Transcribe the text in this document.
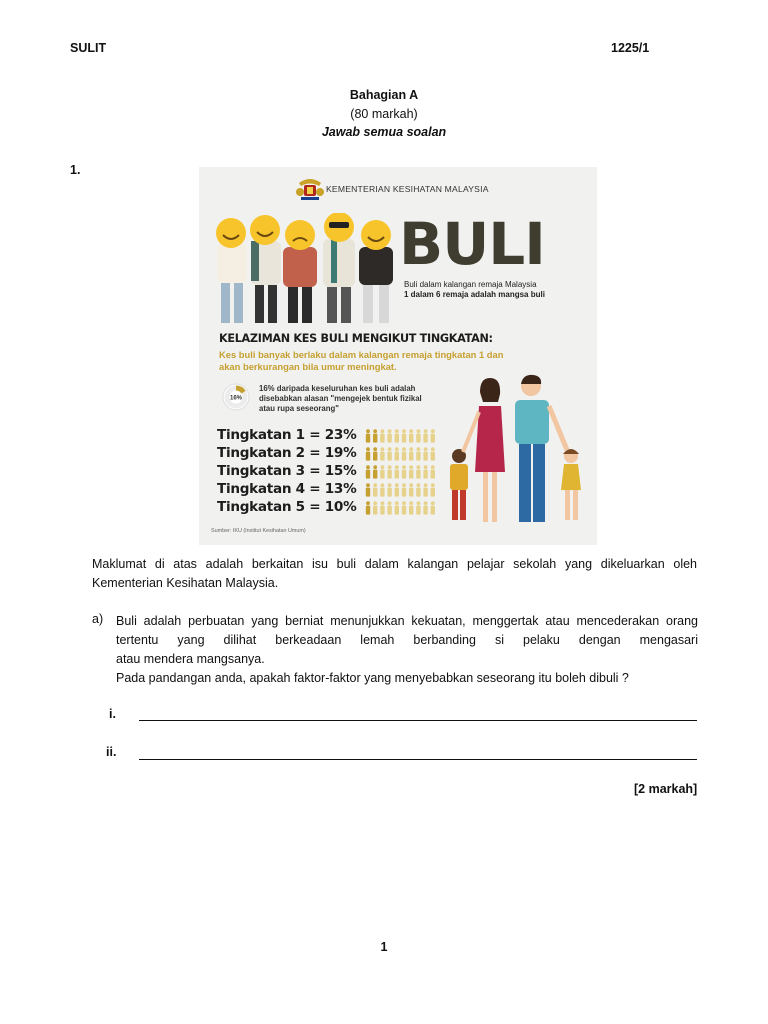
SULIT	1225/1
Bahagian A
(80 markah)
Jawab semua soalan
1.
KEMENTERIAN KESIHATAN MALAYSIA
BULI
Buli dalam kalangan remaja Malaysia
1 dalam 6 remaja adalah mangsa buli
KELAZIMAN KES BULI MENGIKUT TINGKATAN:
Kes buli banyak berlaku dalam kalangan remaja tingkatan 1 dan
akan berkurangan bila umur meningkat.
16%
16% daripada keseluruhan kes buli adalah
disebabkan alasan "mengejek bentuk fizikal
atau rupa seseorang"
Tingkatan 1 = 23%
Tingkatan 2 = 19%
Tingkatan 3 = 15%
Tingkatan 4 = 13%
Tingkatan 5 = 10%
Sumber: IKU (Institut Kesihatan Umum)
Maklumat di atas adalah berkaitan isu buli dalam kalangan pelajar sekolah yang dikeluarkan oleh Kementerian Kesihatan Malaysia.
a) Buli adalah perbuatan yang berniat menunjukkan kekuatan, menggertak atau mencederakan orang
tertentu yang dilihat berkeadaan lemah berbanding si pelaku dengan mengasari
atau mendera mangsanya.
Pada pandangan anda, apakah faktor-faktor yang menyebabkan seseorang itu boleh dibuli ?
i.
ii.
[2 markah]
1
